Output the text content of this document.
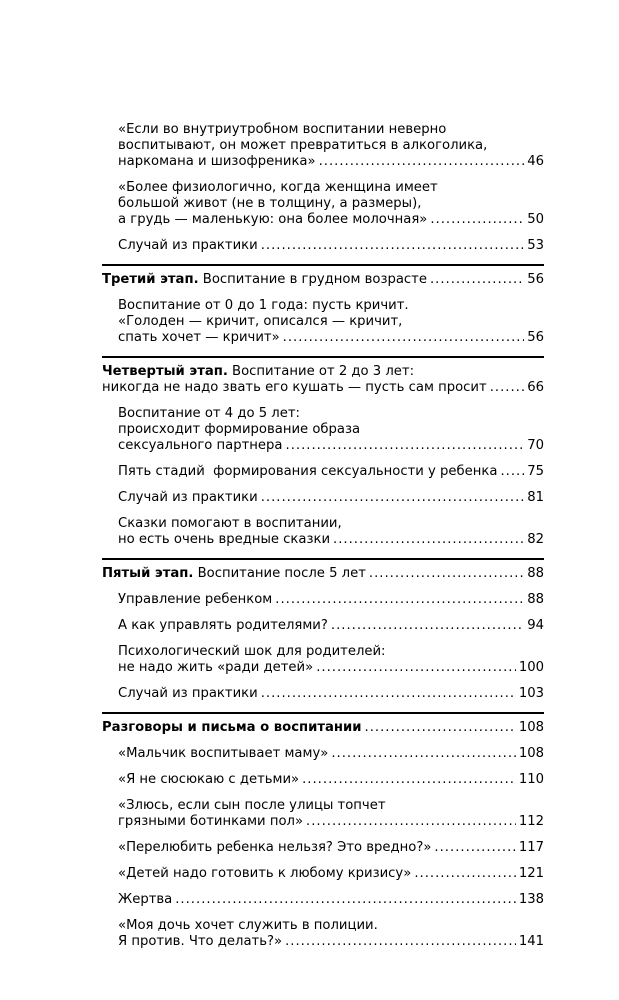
«Если во внутриутробном воспитании неверно
воспитывают, он может превратиться в алкоголика,
наркомана и шизофреника» .....	46
«Более физиологично, когда женщина имеет
большой живот (не в толщину, а размеры),
а грудь — маленькую: она более молочная» .....	50
Случай из практики .....	53
Третий этап. Воспитание в грудном возрасте .....	56
Воспитание от 0 до 1 года: пусть кричит.
«Голоден — кричит, описался — кричит,
спать хочет — кричит» .....	56
Четвертый этап. Воспитание от 2 до 3 лет:
никогда не надо звать его кушать — пусть сам просит .....	66
Воспитание от 4 до 5 лет:
происходит формирование образа
сексуального партнера .....	70
Пять стадий  формирования сексуальности у ребенка ..... 75
Случай из практики .....	81
Сказки помогают в воспитании,
но есть очень вредные сказки .....	82
Пятый этап. Воспитание после 5 лет .....	88
Управление ребенком .....	88
А как управлять родителями? .....	94
Психологический шок для родителей:
не надо жить «ради детей» .....	100
Случай из практики .....	103
Разговоры и письма о воспитании .....	108
«Мальчик воспитывает маму» .....	108
«Я не сюсюкаю с детьми» .....	110
«Злюсь, если сын после улицы топчет
грязными ботинками пол» .....	112
«Перелюбить ребенка нельзя? Это вредно?» .....	117
«Детей надо готовить к любому кризису» .....	121
Жертва .....	138
«Моя дочь хочет служить в полиции.
Я против. Что делать?» .....	141
